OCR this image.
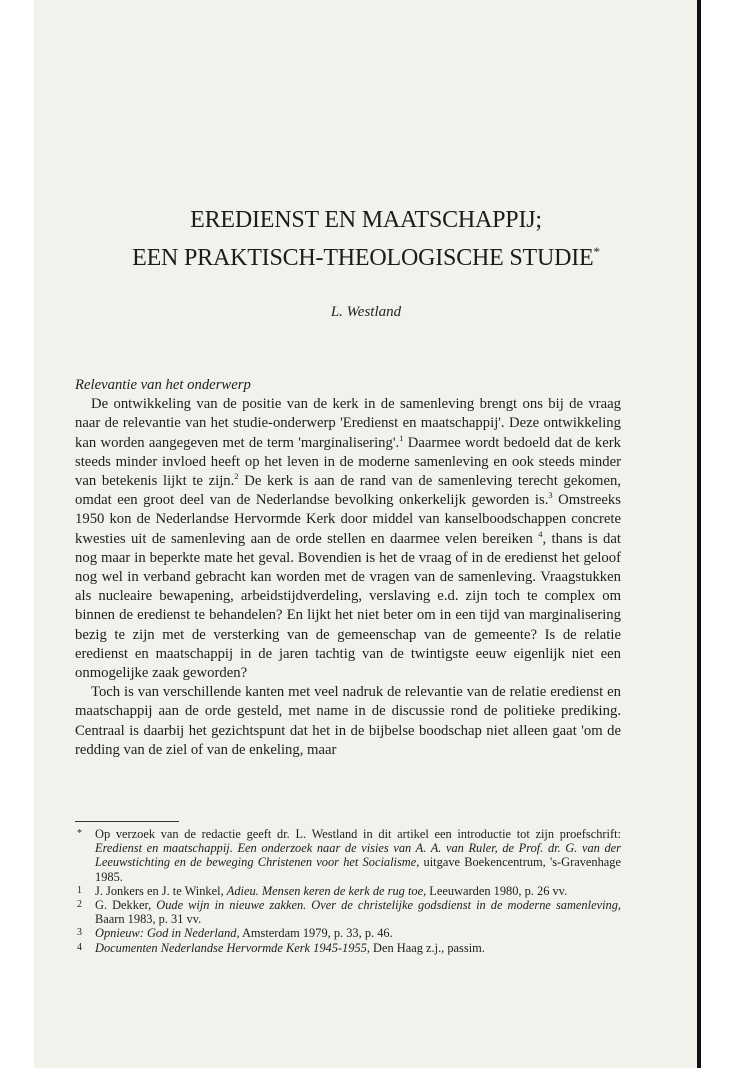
EREDIENST EN MAATSCHAPPIJ;
EEN PRAKTISCH-THEOLOGISCHE STUDIE*
L. Westland

Relevantie van het onderwerp

De ontwikkeling van de positie van de kerk in de samenleving brengt ons bij de vraag naar de relevantie van het studie-onderwerp 'Eredienst en maatschappij'. Deze ontwikkeling kan worden aangegeven met de term 'marginalisering'.$^1$ Daarmee wordt bedoeld dat de kerk steeds minder invloed heeft op het leven in de moderne samenleving en ook steeds minder van betekenis lijkt te zijn.$^2$ De kerk is aan de rand van de samenleving terecht gekomen, omdat een groot deel van de Nederlandse bevolking onkerkelijk geworden is.$^3$ Omstreeks 1950 kon de Nederlandse Hervormde Kerk door middel van kanselboodschappen concrete kwesties uit de samenleving aan de orde stellen en daarmee velen bereiken $^4$, thans is dat nog maar in beperkte mate het geval. Bovendien is het de vraag of in de eredienst het geloof nog wel in verband gebracht kan worden met de vragen van de samenleving. Vraagstukken als nucleaire bewapening, arbeidstijdverdeling, verslaving e.d. zijn toch te complex om binnen de eredienst te behandelen? En lijkt het niet beter om in een tijd van marginalisering bezig te zijn met de versterking van de gemeenschap van de gemeente? Is de relatie eredienst en maatschappij in de jaren tachtig van de twintigste eeuw eigenlijk niet een onmogelijke zaak geworden?

Toch is van verschillende kanten met veel nadruk de relevantie van de relatie eredienst en maatschappij aan de orde gesteld, met name in de discussie rond de politieke prediking. Centraal is daarbij het gezichtspunt dat het in de bijbelse boodschap niet alleen gaat 'om de redding van de ziel of van de enkeling, maar

* Op verzoek van de redactie geeft dr. L. Westland in dit artikel een introductie tot zijn proefschrift: Eredienst en maatschappij. Een onderzoek naar de visies van A. A. van Ruler, de Prof. dr. G. van der Leeuwstichting en de beweging Christenen voor het Socialisme, uitgave Boekencentrum, 's-Gravenhage 1985.

1 J. Jonkers en J. te Winkel, Adieu. Mensen keren de kerk de rug toe, Leeuwarden 1980, p. 26 vv.

2 G. Dekker, Oude wijn in nieuwe zakken. Over de christelijke godsdienst in de moderne samenleving, Baarn 1983, p. 31 vv.

3 Opnieuw: God in Nederland, Amsterdam 1979, p. 33, p. 46.

4 Documenten Nederlandse Hervormde Kerk 1945-1955, Den Haag z.j., passim.
